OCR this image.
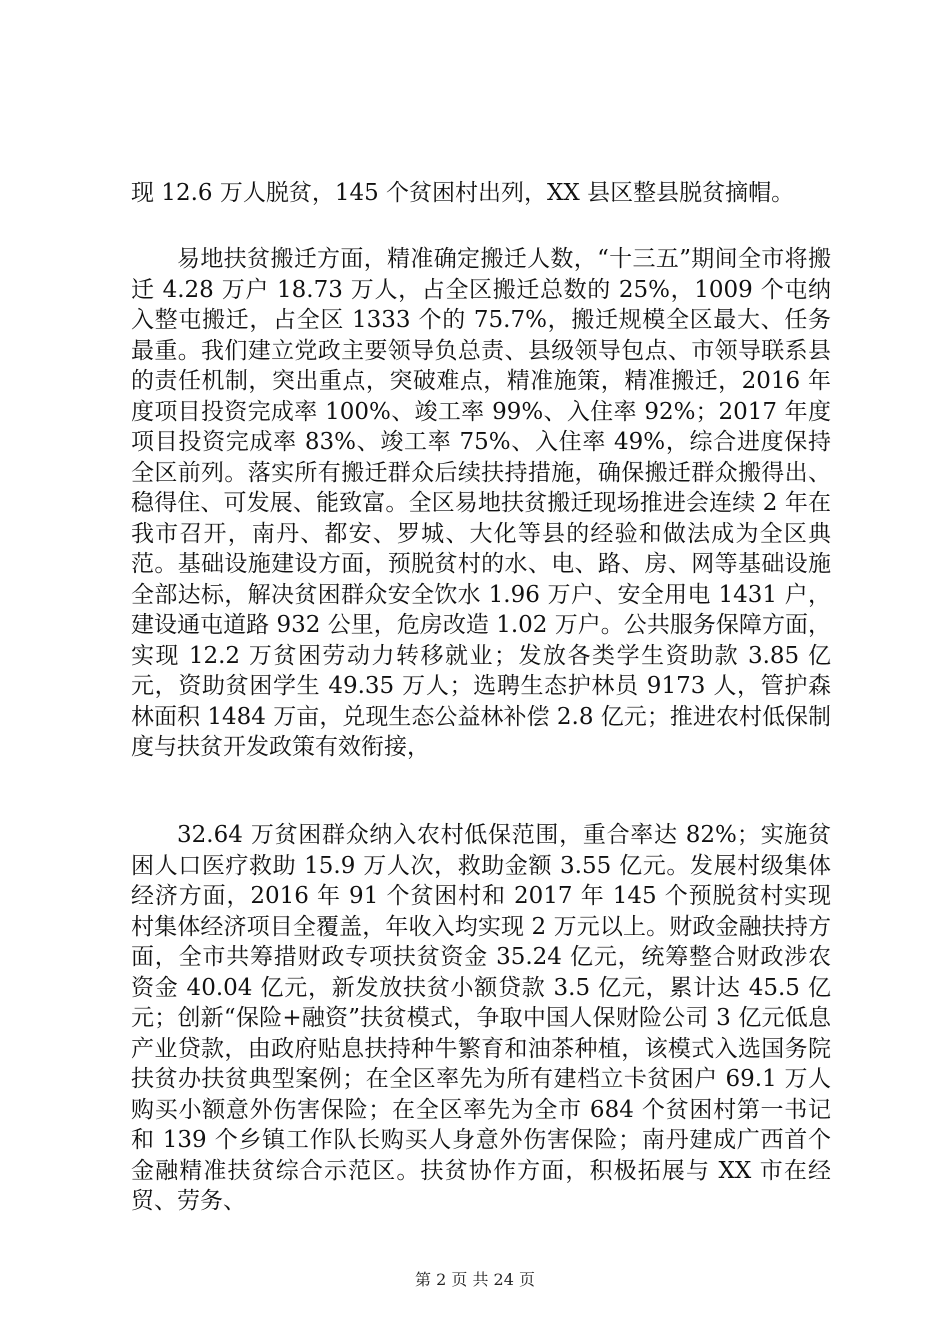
现 12.6 万人脱贫，145 个贫困村出列，XX 县区整县脱贫摘帽。

易地扶贫搬迁方面，精准确定搬迁人数，“十三五”期间全市将搬迁 4.28 万户 18.73 万人，占全区搬迁总数的 25%，1009 个屯纳入整屯搬迁，占全区 1333 个的 75.7%，搬迁规模全区最大、任务最重。我们建立党政主要领导负总责、县级领导包点、市领导联系县的责任机制，突出重点，突破难点，精准施策，精准搬迁，2016 年度项目投资完成率 100%、竣工率 99%、入住率 92%；2017 年度项目投资完成率 83%、竣工率 75%、入住率 49%，综合进度保持全区前列。落实所有搬迁群众后续扶持措施，确保搬迁群众搬得出、稳得住、可发展、能致富。全区易地扶贫搬迁现场推进会连续 2 年在我市召开，南丹、都安、罗城、大化等县的经验和做法成为全区典范。基础设施建设方面，预脱贫村的水、电、路、房、网等基础设施全部达标，解决贫困群众安全饮水 1.96 万户、安全用电 1431 户，建设通屯道路 932 公里，危房改造 1.02 万户。公共服务保障方面，实现 12.2 万贫困劳动力转移就业；发放各类学生资助款 3.85 亿元，资助贫困学生 49.35 万人；选聘生态护林员 9173 人，管护森林面积 1484 万亩，兑现生态公益林补偿 2.8 亿元；推进农村低保制度与扶贫开发政策有效衔接，

32.64 万贫困群众纳入农村低保范围，重合率达 82%；实施贫困人口医疗救助 15.9 万人次，救助金额 3.55 亿元。发展村级集体经济方面，2016 年 91 个贫困村和 2017 年 145 个预脱贫村实现村集体经济项目全覆盖，年收入均实现 2 万元以上。财政金融扶持方面，全市共筹措财政专项扶贫资金 35.24 亿元，统筹整合财政涉农资金 40.04 亿元，新发放扶贫小额贷款 3.5 亿元，累计达 45.5 亿元；创新“保险+融资”扶贫模式，争取中国人保财险公司 3 亿元低息产业贷款，由政府贴息扶持种牛繁育和油茶种植，该模式入选国务院扶贫办扶贫典型案例；在全区率先为所有建档立卡贫困户 69.1 万人购买小额意外伤害保险；在全区率先为全市 684 个贫困村第一书记和 139 个乡镇工作队长购买人身意外伤害保险；南丹建成广西首个金融精准扶贫综合示范区。扶贫协作方面，积极拓展与 XX 市在经贸、劳务、

第 2 页 共 24 页
